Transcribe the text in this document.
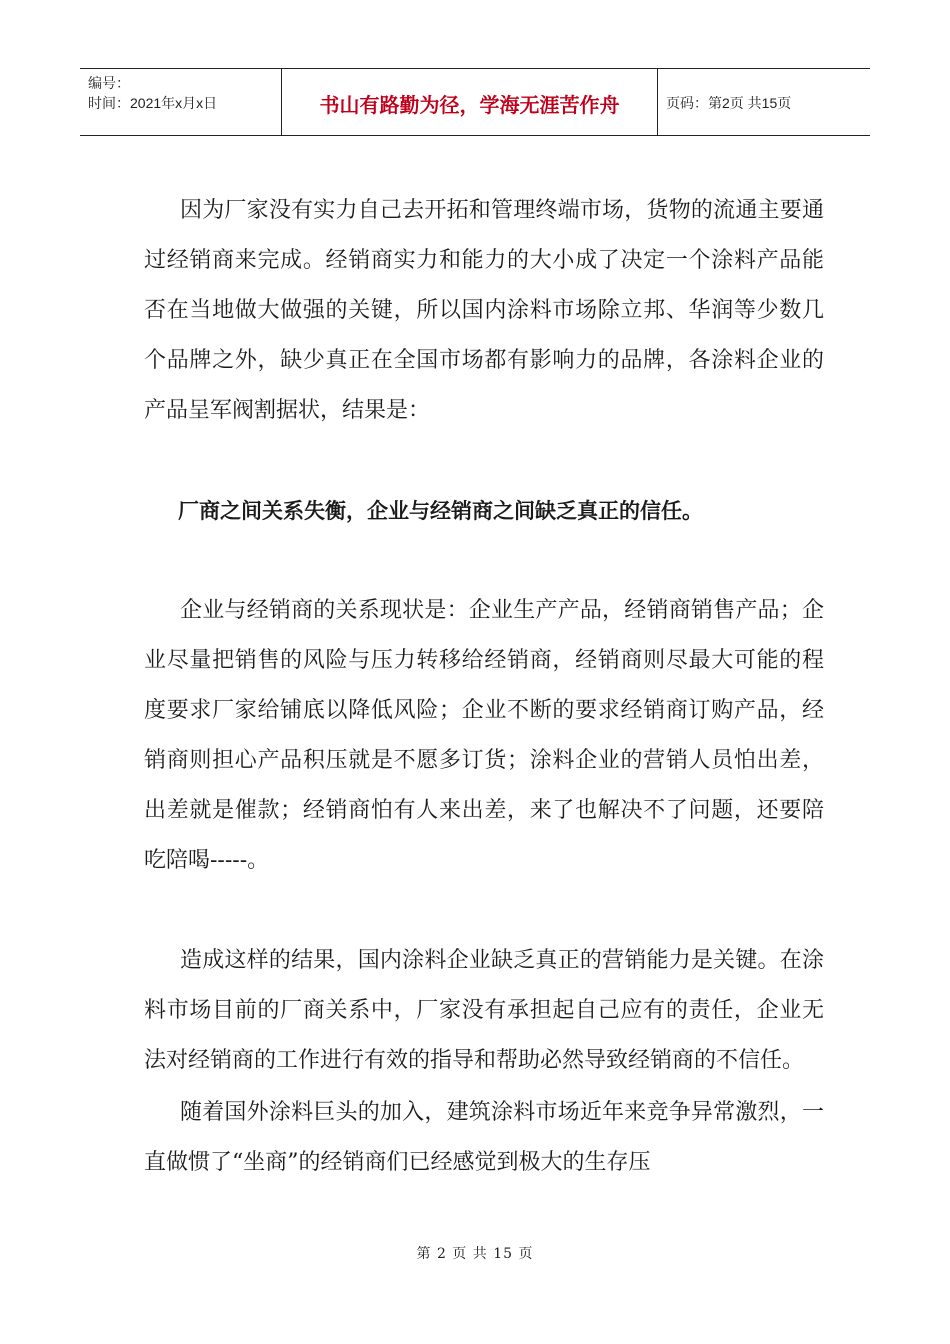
编号：
时间：2021年x月x日	书山有路勤为径，学海无涯苦作舟	页码：第2页 共15页

因为厂家没有实力自己去开拓和管理终端市场，货物的流通主要通过经销商来完成。经销商实力和能力的大小成了决定一个涂料产品能否在当地做大做强的关键，所以国内涂料市场除立邦、华润等少数几个品牌之外，缺少真正在全国市场都有影响力的品牌，各涂料企业的产品呈军阀割据状，结果是：

厂商之间关系失衡，企业与经销商之间缺乏真正的信任。

企业与经销商的关系现状是：企业生产产品，经销商销售产品；企业尽量把销售的风险与压力转移给经销商，经销商则尽最大可能的程度要求厂家给铺底以降低风险；企业不断的要求经销商订购产品，经销商则担心产品积压就是不愿多订货；涂料企业的营销人员怕出差，出差就是催款；经销商怕有人来出差，来了也解决不了问题，还要陪吃陪喝-----。

造成这样的结果，国内涂料企业缺乏真正的营销能力是关键。在涂料市场目前的厂商关系中，厂家没有承担起自己应有的责任，企业无法对经销商的工作进行有效的指导和帮助必然导致经销商的不信任。

随着国外涂料巨头的加入，建筑涂料市场近年来竞争异常激烈，一直做惯了“坐商”的经销商们已经感觉到极大的生存压

第 2 页 共 15 页
